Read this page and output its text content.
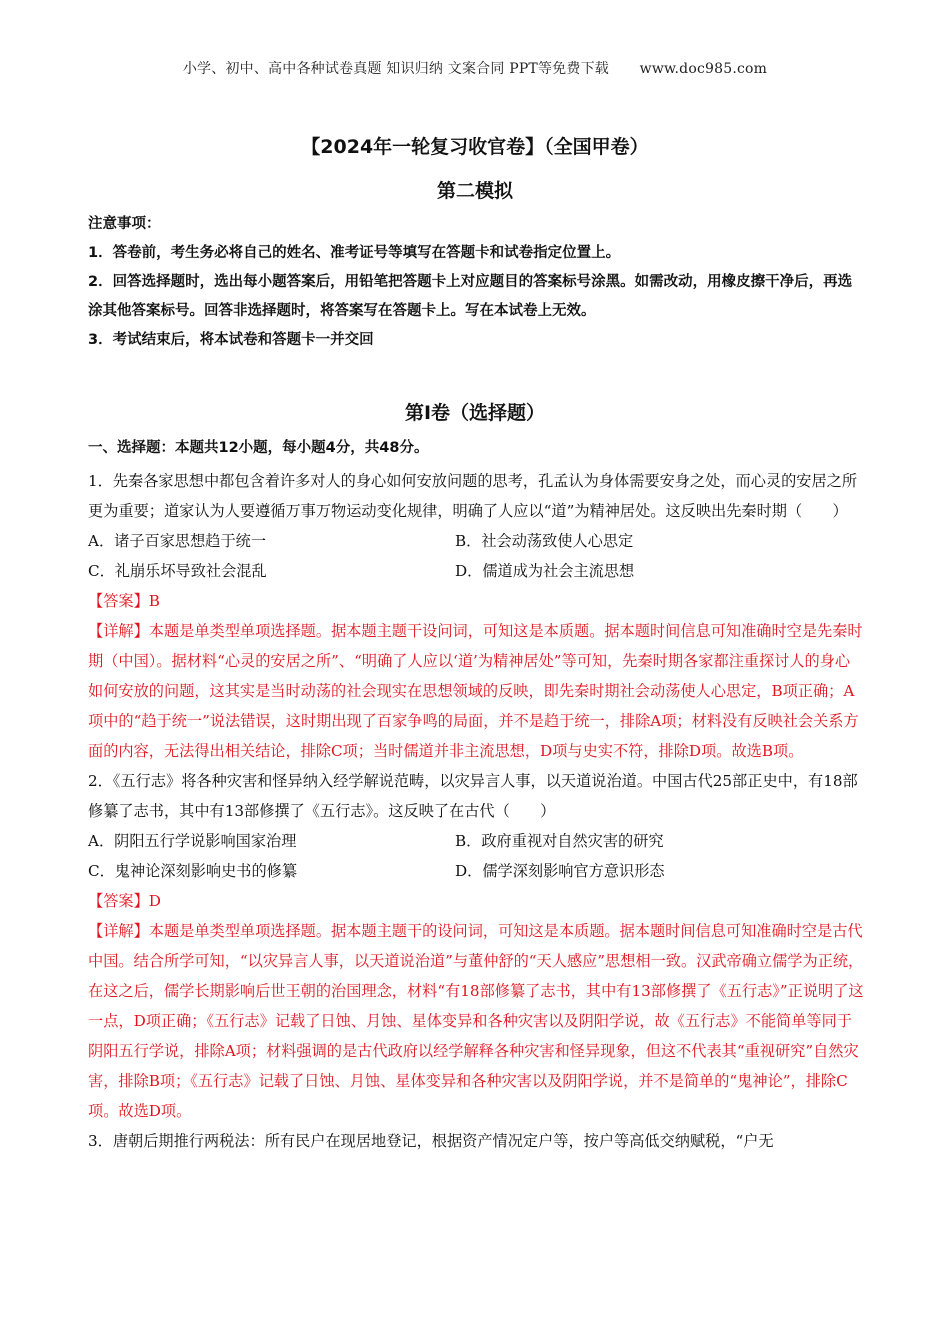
小学、初中、高中各种试卷真题 知识归纳 文案合同 PPT等免费下载 www.doc985.com
【2024年一轮复习收官卷】（全国甲卷）
第二模拟

注意事项：

1．答卷前，考生务必将自己的姓名、准考证号等填写在答题卡和试卷指定位置上。

2．回答选择题时，选出每小题答案后，用铅笔把答题卡上对应题目的答案标号涂黑。如需改动，用橡皮擦干净后，再选涂其他答案标号。回答非选择题时，将答案写在答题卡上。写在本试卷上无效。

3．考试结束后，将本试卷和答题卡一并交回

第I卷（选择题）
一、选择题：本题共12小题，每小题4分，共48分。

1．先秦各家思想中都包含着许多对人的身心如何安放问题的思考，孔孟认为身体需要安身之处，而心灵的安居之所更为重要；道家认为人要遵循万事万物运动变化规律，明确了人应以“道”为精神居处。这反映出先秦时期（　　）

A．诸子百家思想趋于统一	B．社会动荡致使人心思定
C．礼崩乐坏导致社会混乱	D．儒道成为社会主流思想

【答案】B

【详解】本题是单类型单项选择题。据本题主题干设问词，可知这是本质题。据本题时间信息可知准确时空是先秦时期（中国）。据材料“心灵的安居之所”、“明确了人应以‘道’为精神居处”等可知，先秦时期各家都注重探讨人的身心如何安放的问题，这其实是当时动荡的社会现实在思想领域的反映，即先秦时期社会动荡使人心思定，B项正确；A项中的“趋于统一”说法错误，这时期出现了百家争鸣的局面，并不是趋于统一，排除A项；材料没有反映社会关系方面的内容，无法得出相关结论，排除C项；当时儒道并非主流思想，D项与史实不符，排除D项。故选B项。

2．《五行志》将各种灾害和怪异纳入经学解说范畴，以灾异言人事，以天道说治道。中国古代25部正史中，有18部修纂了志书，其中有13部修撰了《五行志》。这反映了在古代（　　）

A．阴阳五行学说影响国家治理	B．政府重视对自然灾害的研究
C．鬼神论深刻影响史书的修纂	D．儒学深刻影响官方意识形态

【答案】D

【详解】本题是单类型单项选择题。据本题主题干的设问词，可知这是本质题。据本题时间信息可知准确时空是古代中国。结合所学可知，“以灾异言人事，以天道说治道”与董仲舒的“天人感应”思想相一致。汉武帝确立儒学为正统，在这之后，儒学长期影响后世王朝的治国理念，材料“有18部修纂了志书，其中有13部修撰了《五行志》”正说明了这一点，D项正确；《五行志》记载了日蚀、月蚀、星体变异和各种灾害以及阴阳学说，故《五行志》不能简单等同于阴阳五行学说，排除A项；材料强调的是古代政府以经学解释各种灾害和怪异现象，但这不代表其“重视研究”自然灾害，排除B项；《五行志》记载了日蚀、月蚀、星体变异和各种灾害以及阴阳学说，并不是简单的“鬼神论”，排除C项。故选D项。

3．唐朝后期推行两税法：所有民户在现居地登记，根据资产情况定户等，按户等高低交纳赋税，“户无
